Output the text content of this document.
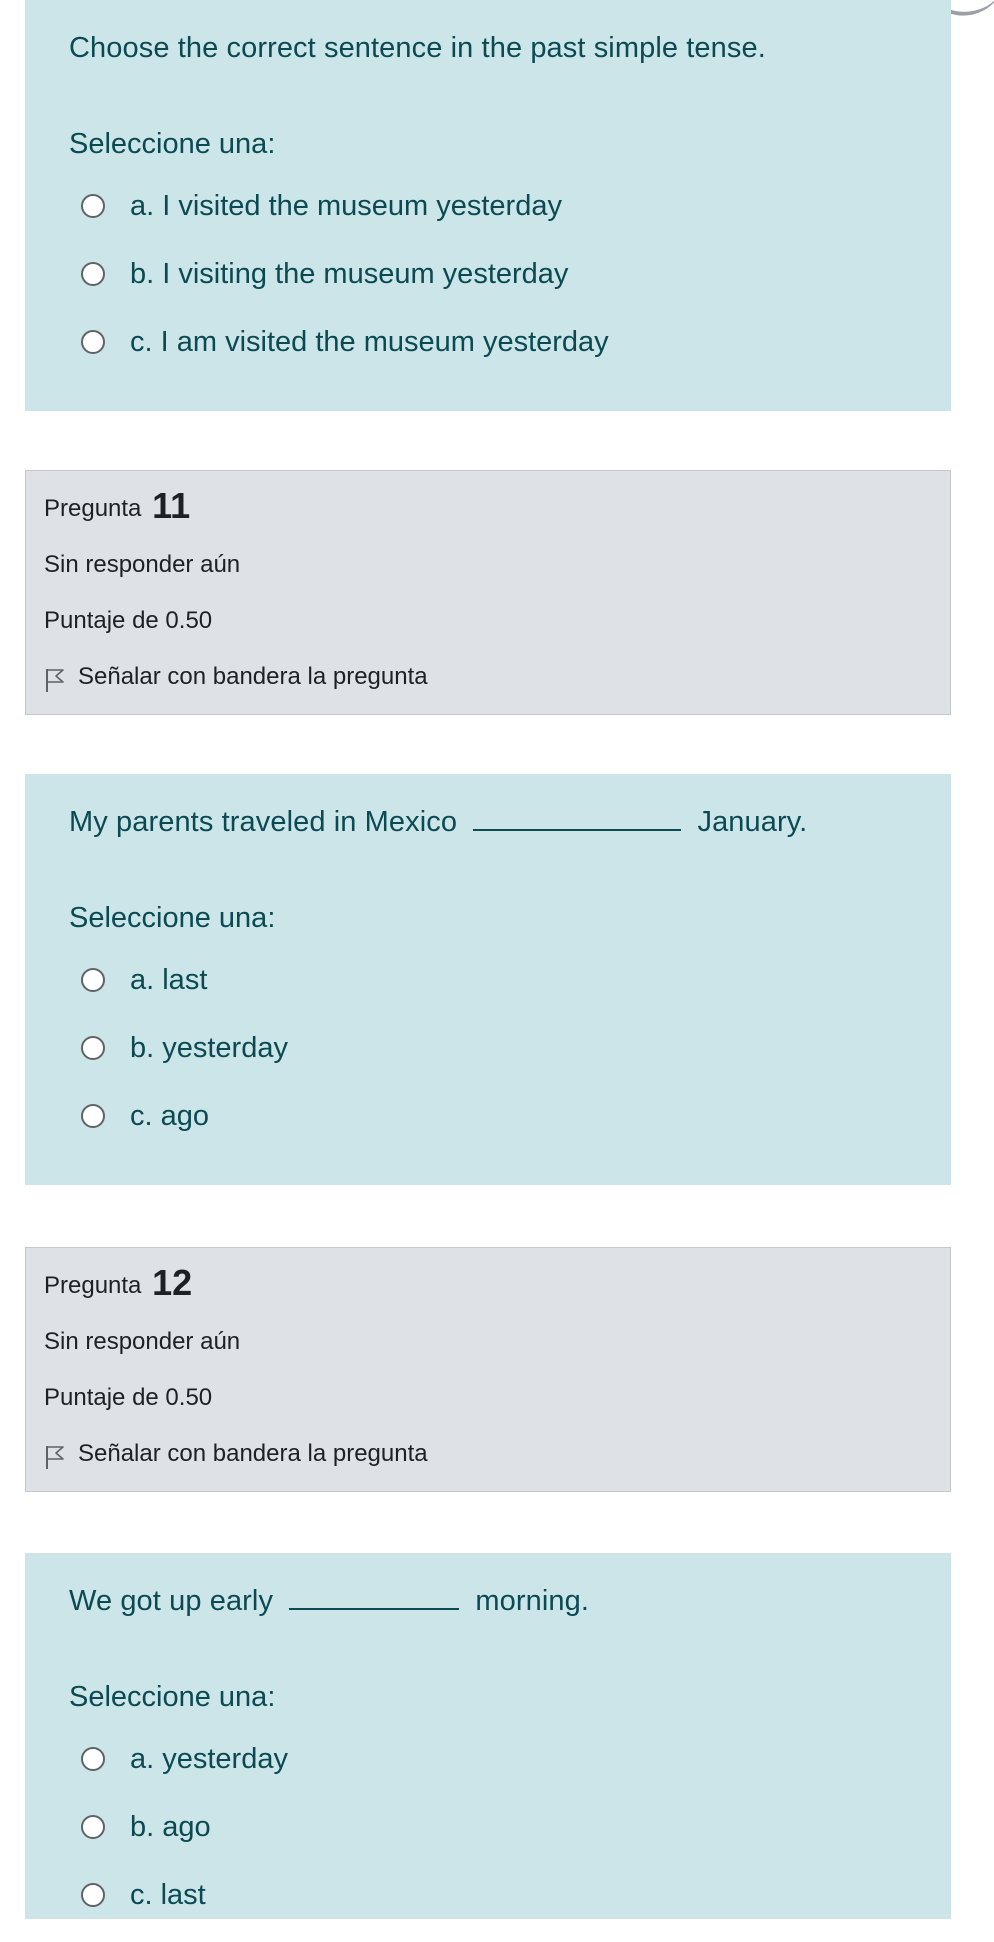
Choose the correct sentence in the past simple tense.
Seleccione una:
a. I visited the museum yesterday
b. I visiting the museum yesterday
c. I am visited the museum yesterday
Pregunta 11
Sin responder aún
Puntaje de 0.50
Señalar con bandera la pregunta
My parents traveled in Mexico	January.
Seleccione una:
a. last
b. yesterday
c. ago
Pregunta 12
Sin responder aún
Puntaje de 0.50
Señalar con bandera la pregunta
We got up early	morning.
Seleccione una:
a. yesterday
b. ago
c. last
